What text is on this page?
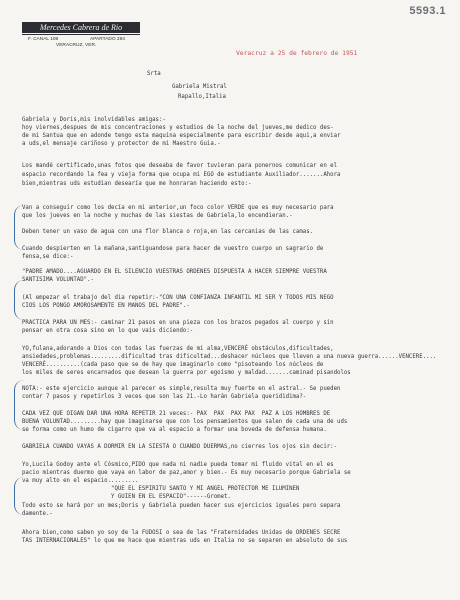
5593.1
Mercedes Cabrera de Rio
F. CANAL 108	APARTADO 284
VERACRUZ, VER.
Veracruz a 25 de febrero de 1951
Srta
Gabriela Mistral
Rapallo,Italia
Gabriela y Doris,mis inolvidables amigas:-
hoy viernes,despues de mis concentraciones y estudios de la noche del jueves,me dedico des-
de mi Santua que en adonde tengo esta maquina especialmente para escribir desde aqui,a enviar
a uds,el mensaje cariñoso y protector de mi Maestro Guia.-
Los mandé certificado,unas fotos que deseaba de favor tuvieran para ponernos comunicar en el
espacio recordando la fea y vieja forma que ocupa mi EGO de estudiante Auxiliador.......Ahora
bien,mientras uds estudian desearía que me honraran haciendo esto:-
Van a conseguir como los decía en mi anterior,un foco color VERDE que es muy necesario para
que los jueves en la noche y muchas de las siestas de Gabriela,lo encendieran.-
Deben tener un vaso de agua con una flor blanca o roja,en las cercanias de las camas.
Cuando despierten en la mañana,santiguandose para hacer de vuestro cuerpo un sagrario de
fensa,se dice:-
"PADRE AMADO....AGUARDO EN EL SILENCIO VUESTRAS ORDENES DISPUESTA A HACER SIEMPRE VUESTRA
SANTISIMA VOLUNTAD".-
(Al empezar el trabajo del dia repetir:-"CON UNA CONFIANZA INFANTIL MI SER Y TODOS MIS NEGO
CIOS LOS PONGO AMOROSAMENTE EN MANOS DEL PADRE".-
PRACTICA PARA UN MES:- caminar 21 pasos en una pieza con los brazos pegados al cuerpo y sin
pensar en otra cosa sino en lo que vais diciendo:-
YO,fulana,adorando a Dios con todas las fuerzas de mi alma,VENCERÉ obstáculos,dificultades,
ansiedades,problemas.........dificultad tras dificultad...deshacer núcleos que lleven a una nueva guerra......VENCERE....
VENCERÉ..........(cada paso que se de hay que imaginarlo como "pisoteando los núcleos de
los miles de seres encarnados que desean la guerra por egoísmo y maldad.......caminad pisandolos
NOTA:- este ejercicio aunque al parecer es simple,resulta muy fuerte en el astral.- Se pueden
contar 7 pasos y repetirlos 3 veces que son las 21.-Lo harán Gabriela querididima?-
CADA VEZ QUE OIGAN DAR UNA HORA REPETIR 21 veces:- PAX  PAX  PAX PAX  PAZ A LOS HOMBRES DE
BUENA VOLUNTAD.........hay que imaginarse que con los pensamientos que salen de cada una de uds
se forma como un humo de cigarro que va al espacio a formar una boveda de defensa humana.
GABRIELA CUANDO VAYAS A DORMIR EN LA SIESTA O CUANDO DUERMAS,no cierres los ojos sin decir:-
Yo,Lucila Godoy ante el Cósmico,PIDO que nada ni nadie pueda tomar mi fluido vital en el es
pacio mientras duermo que vaya en labor de paz,amor y bien.- Es muy necesario porque Gabriela se
va muy alto en el espacio.........
"QUE EL ESPIRITU SANTO Y MI ANGEL PROTECTOR ME ILUMINEN
Y GUIEN EN EL ESPACIO"------Gromet.
Todo esto se hará por un mes;Doris y Gabriela pueden hacer sus ejercicios iguales pero separa
damente.-
Ahora bien,como saben yo soy de la FUDOSI o sea de las "Fraternidades Unidas de ORDENES SECRE
TAS INTERNACIONALES" lo que me hace que mientras uds en Italia no se separen en absoluto de sus
